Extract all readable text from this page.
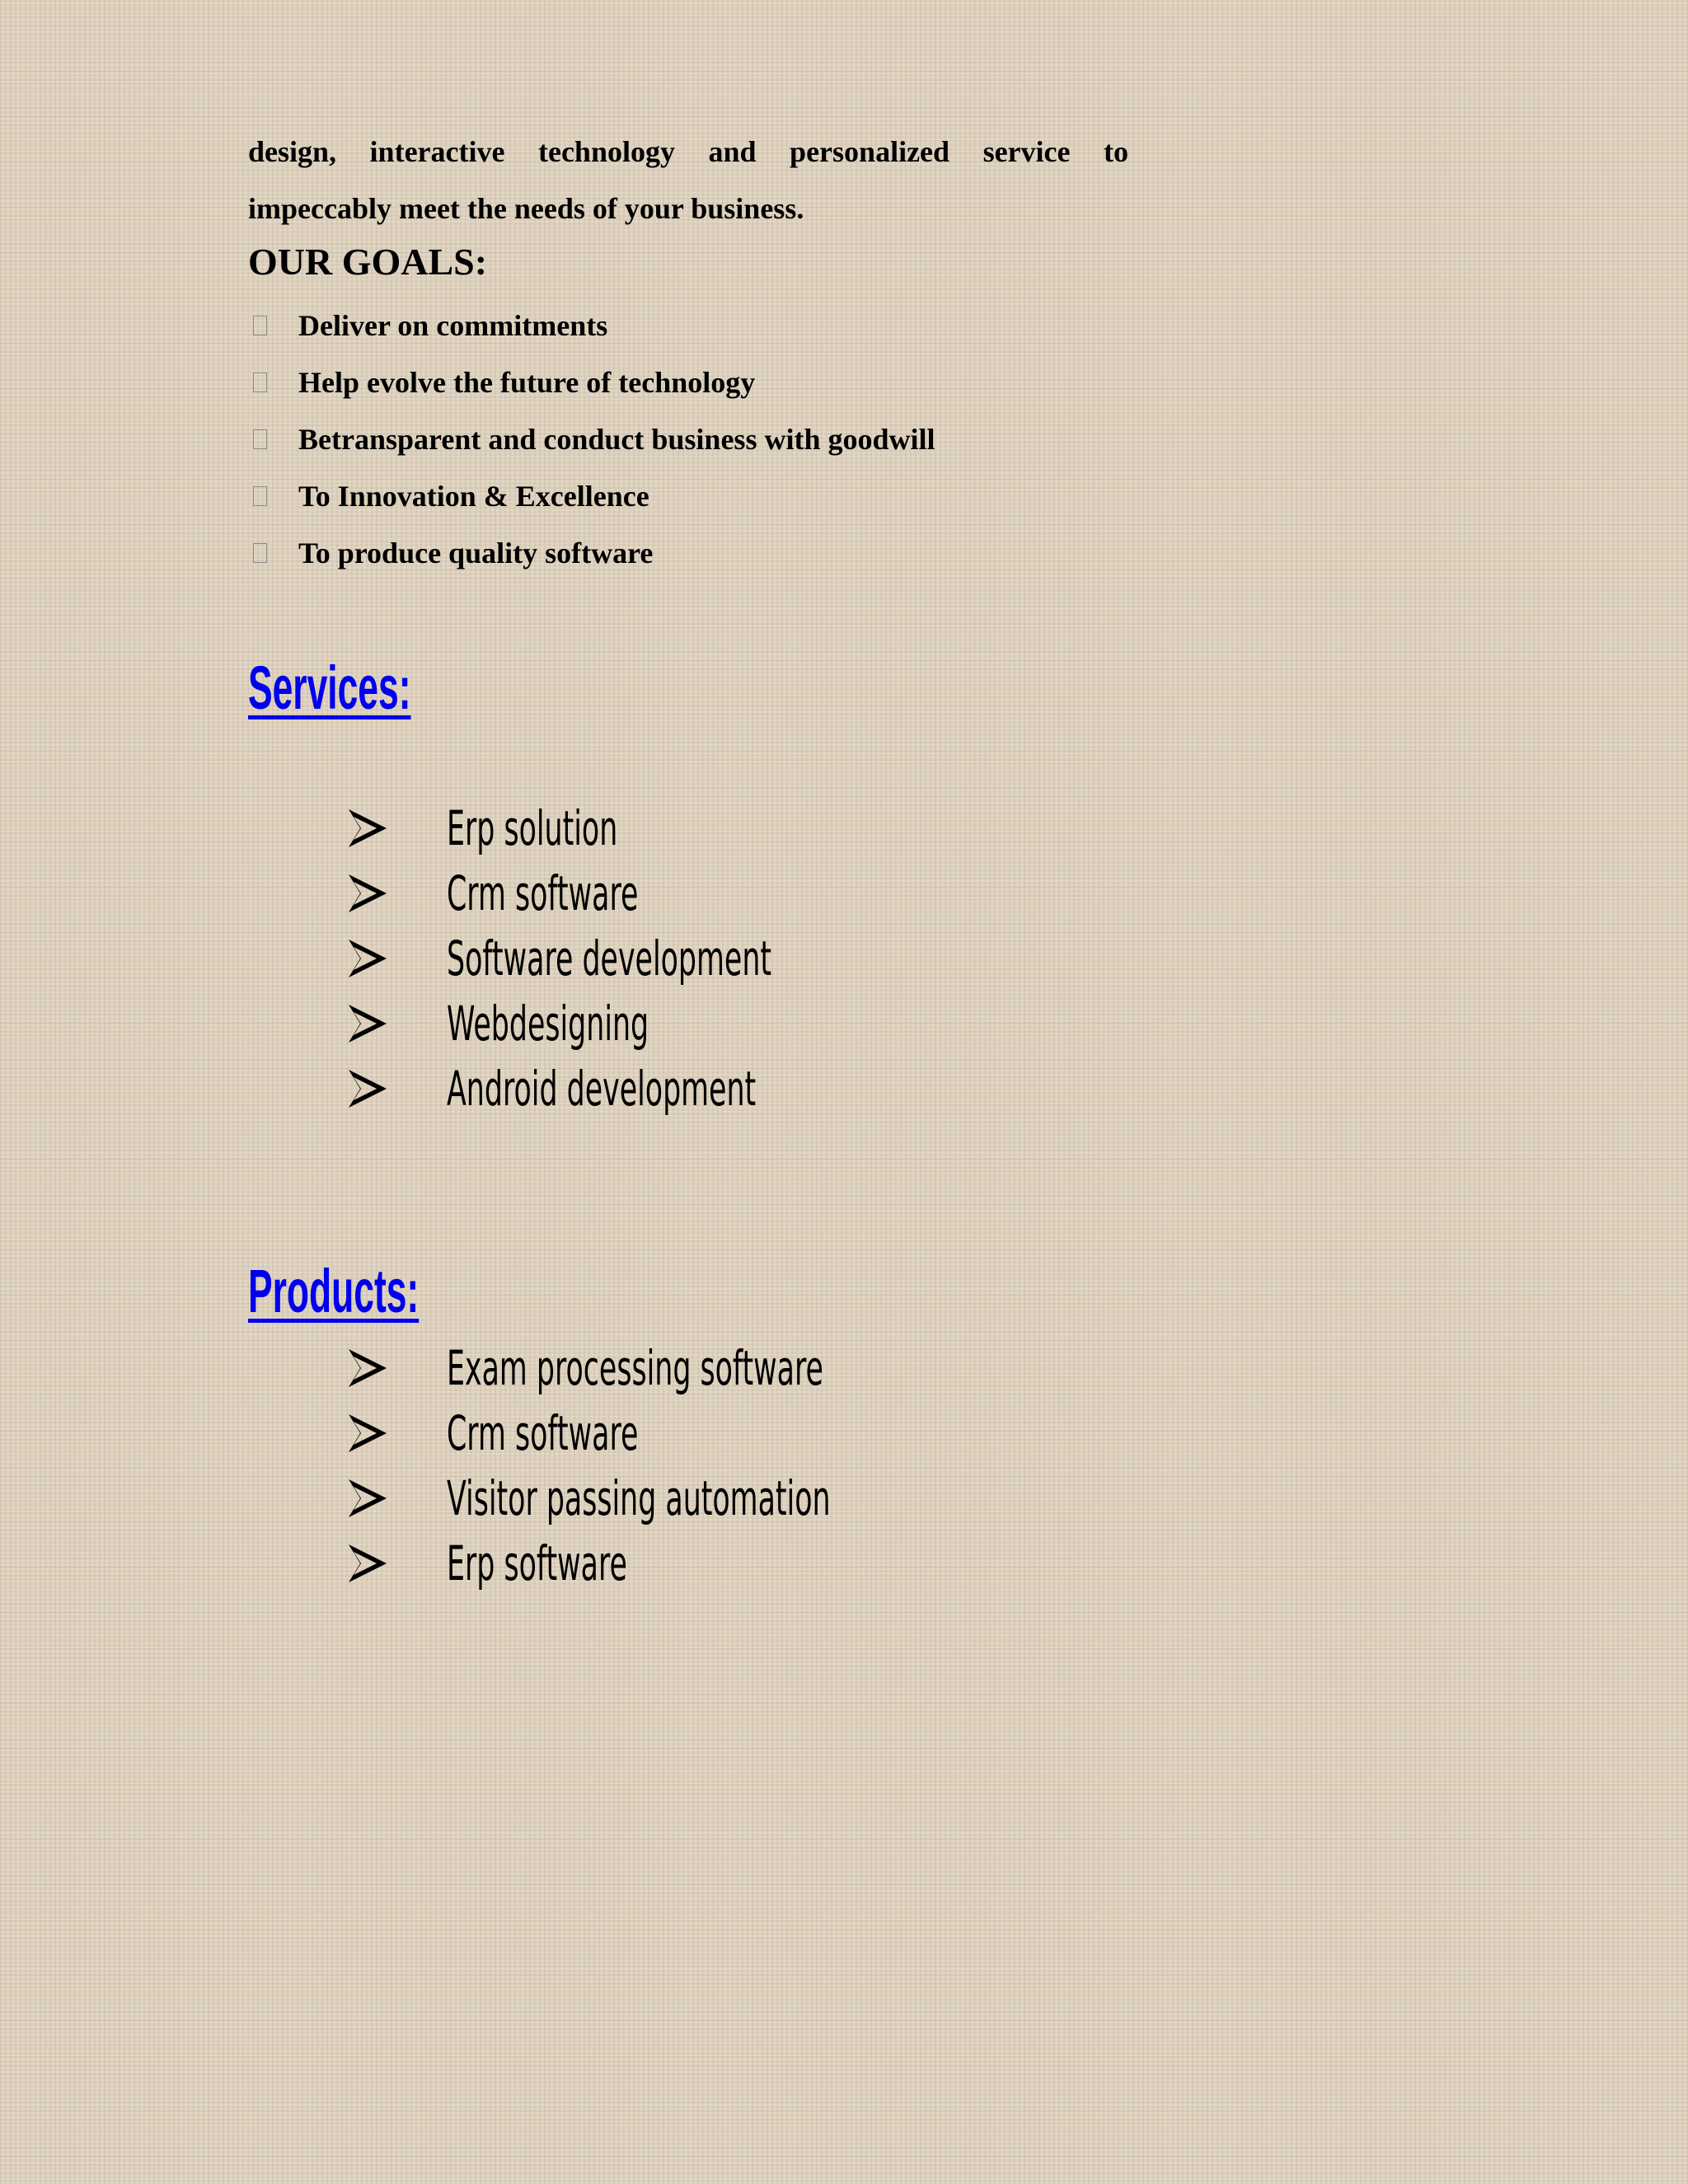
design, interactive technology and personalized service to
impeccably meet the needs of your business.
OUR GOALS:
Deliver on commitments
Help evolve the future of technology
Betransparent and conduct business with goodwill
To Innovation & Excellence
To produce quality software
Services:
Erp solution
Crm software
Software development
Webdesigning
Android development
Products:
Exam processing software
Crm software
Visitor passing automation
Erp software
